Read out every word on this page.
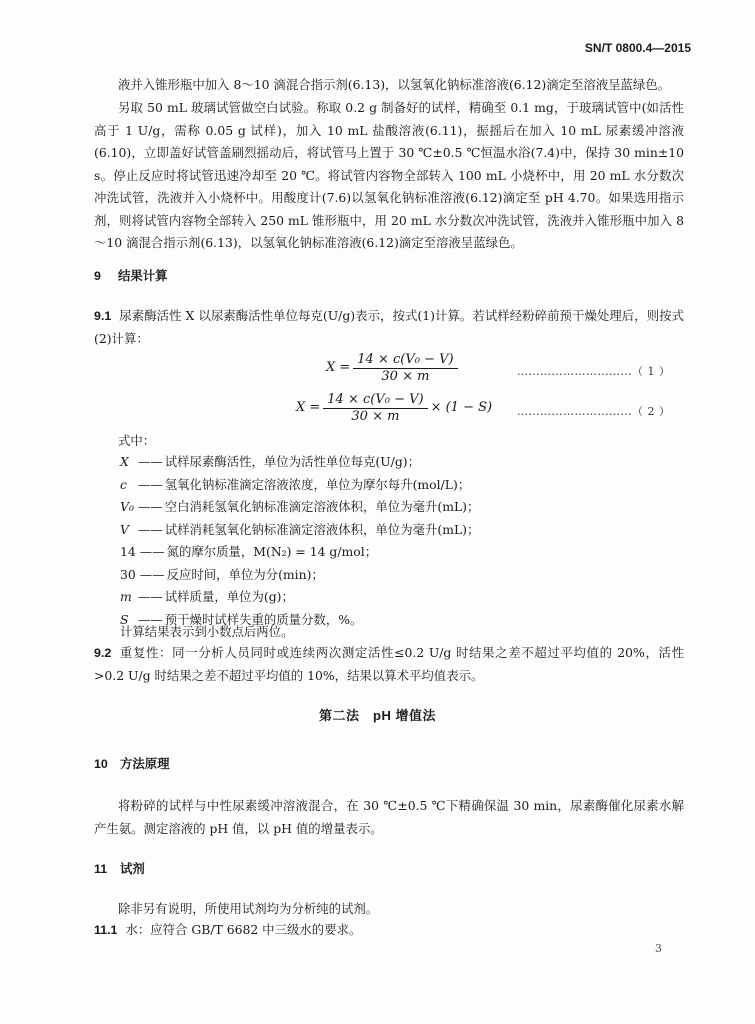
SN/T 0800.4—2015
液并入锥形瓶中加入 8～10 滴混合指示剂(6.13)，以氢氧化钠标准溶液(6.12)滴定至溶液呈蓝绿色。
另取 50 mL 玻璃试管做空白试验。称取 0.2 g 制备好的试样，精确至 0.1 mg，于玻璃试管中(如活性高于 1 U/g，需称 0.05 g 试样)，加入 10 mL 盐酸溶液(6.11)，振摇后在加入 10 mL 尿素缓冲溶液(6.10)，立即盖好试管盖刷烈摇动后，将试管马上置于 30 ℃±0.5 ℃恒温水浴(7.4)中，保持 30 min±10 s。停止反应时将试管迅速冷却至 20 ℃。将试管内容物全部转入 100 mL 小烧杯中，用 20 mL 水分数次冲洗试管，洗液并入小烧杯中。用酸度计(7.6)以氢氧化钠标准溶液(6.12)滴定至 pH 4.70。如果选用指示剂，则将试管内容物全部转入 250 mL 锥形瓶中，用 20 mL 水分数次冲洗试管，洗液并入锥形瓶中加入 8～10 滴混合指示剂(6.13)，以氢氧化钠标准溶液(6.12)滴定至溶液呈蓝绿色。
9 结果计算
9.1 尿素酶活性 X 以尿素酶活性单位每克(U/g)表示，按式(1)计算。若试样经粉碎前预干燥处理后，则按式(2)计算：
$X = \frac{\text{14 × c(V₀ − V)}}{30 \times m}$	…………………………（ 1 ）
$X = \frac{\text{14 × c(V₀ − V)}}{30 \times m} \times (1 - S)$ …………………………（ 2 ）
式中：
X —— 试样尿素酶活性，单位为活性单位每克(U/g)；
c —— 氢氧化钠标准滴定溶液浓度，单位为摩尔每升(mol/L)；
V₀ —— 空白消耗氢氧化钠标准滴定溶液体积，单位为毫升(mL)；
V —— 试样消耗氢氧化钠标准滴定溶液体积，单位为毫升(mL)；
14 —— 氮的摩尔质量，M(N₂) = 14 g/mol；
30 —— 反应时间，单位为分(min)；
m —— 试样质量，单位为(g)；
S —— 预干燥时试样失重的质量分数，%。
计算结果表示到小数点后两位。
9.2 重复性：同一分析人员同时或连续两次测定活性≤0.2 U/g 时结果之差不超过平均值的 20%，活性>0.2 U/g 时结果之差不超过平均值的 10%，结果以算术平均值表示。
第二法　pH 增值法
10 方法原理
将粉碎的试样与中性尿素缓冲溶液混合，在 30 ℃±0.5 ℃下精确保温 30 min，尿素酶催化尿素水解产生氨。测定溶液的 pH 值，以 pH 值的增量表示。
11 试剂
除非另有说明，所使用试剂均为分析纯的试剂。
11.1 水：应符合 GB/T 6682 中三级水的要求。
3
